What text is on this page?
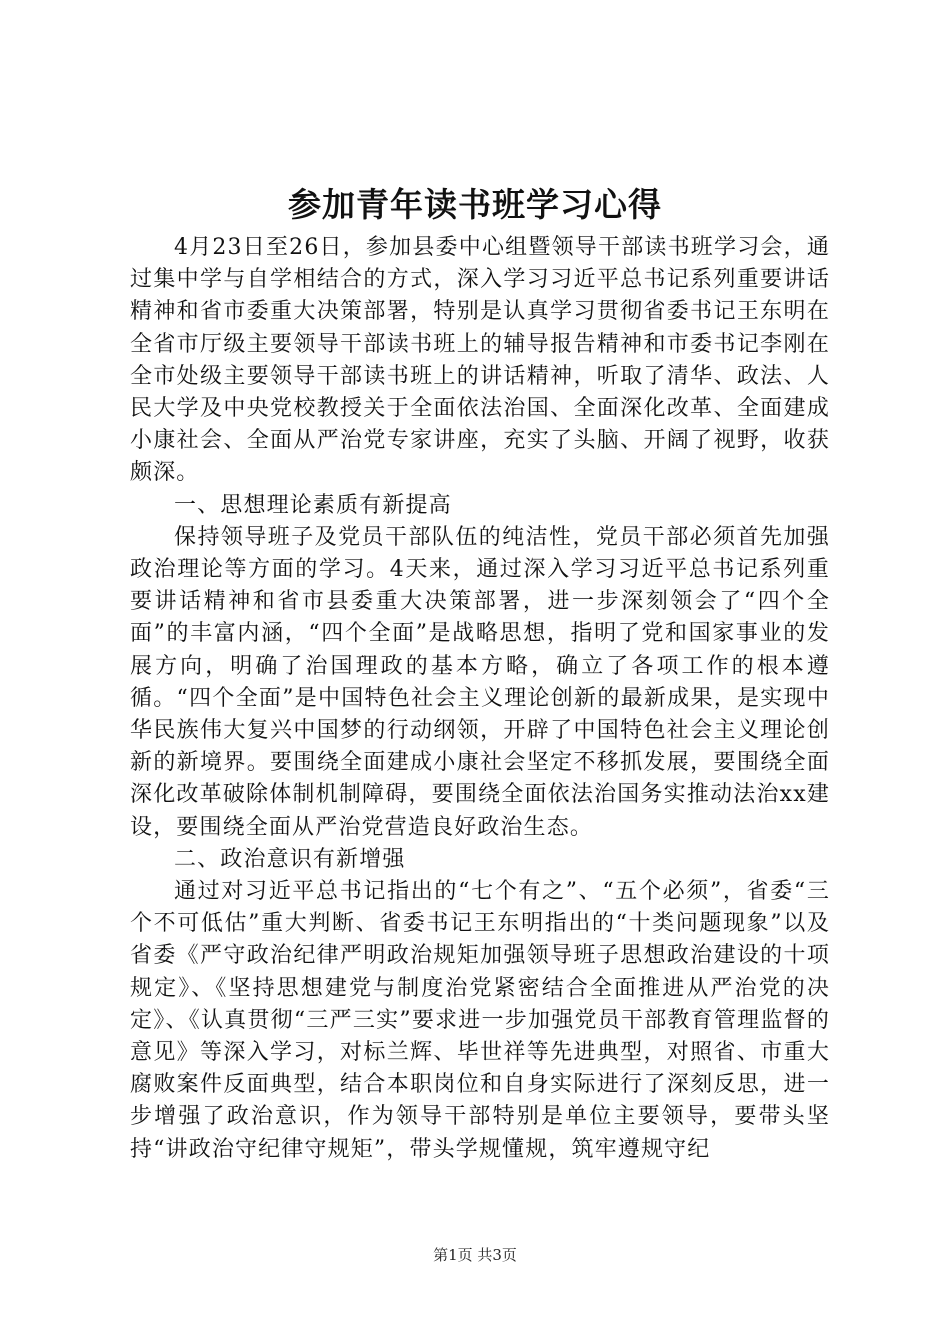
参加青年读书班学习心得

4月23日至26日，参加县委中心组暨领导干部读书班学习会，通过集中学与自学相结合的方式，深入学习习近平总书记系列重要讲话精神和省市委重大决策部署，特别是认真学习贯彻省委书记王东明在全省市厅级主要领导干部读书班上的辅导报告精神和市委书记李刚在全市处级主要领导干部读书班上的讲话精神，听取了清华、政法、人民大学及中央党校教授关于全面依法治国、全面深化改革、全面建成小康社会、全面从严治党专家讲座，充实了头脑、开阔了视野，收获颇深。

一、思想理论素质有新提高

保持领导班子及党员干部队伍的纯洁性，党员干部必须首先加强政治理论等方面的学习。4天来，通过深入学习习近平总书记系列重要讲话精神和省市县委重大决策部署，进一步深刻领会了“四个全面”的丰富内涵，“四个全面”是战略思想，指明了党和国家事业的发展方向，明确了治国理政的基本方略，确立了各项工作的根本遵循。“四个全面”是中国特色社会主义理论创新的最新成果，是实现中华民族伟大复兴中国梦的行动纲领，开辟了中国特色社会主义理论创新的新境界。要围绕全面建成小康社会坚定不移抓发展，要围绕全面深化改革破除体制机制障碍，要围绕全面依法治国务实推动法治xx建设，要围绕全面从严治党营造良好政治生态。

二、政治意识有新增强

通过对习近平总书记指出的“七个有之”、“五个必须”，省委“三个不可低估”重大判断、省委书记王东明指出的“十类问题现象”以及省委《严守政治纪律严明政治规矩加强领导班子思想政治建设的十项规定》、《坚持思想建党与制度治党紧密结合全面推进从严治党的决定》、《认真贯彻“三严三实”要求进一步加强党员干部教育管理监督的意见》等深入学习，对标兰辉、毕世祥等先进典型，对照省、市重大腐败案件反面典型，结合本职岗位和自身实际进行了深刻反思，进一步增强了政治意识，作为领导干部特别是单位主要领导，要带头坚持“讲政治守纪律守规矩”，带头学规懂规，筑牢遵规守纪

第1页 共3页
